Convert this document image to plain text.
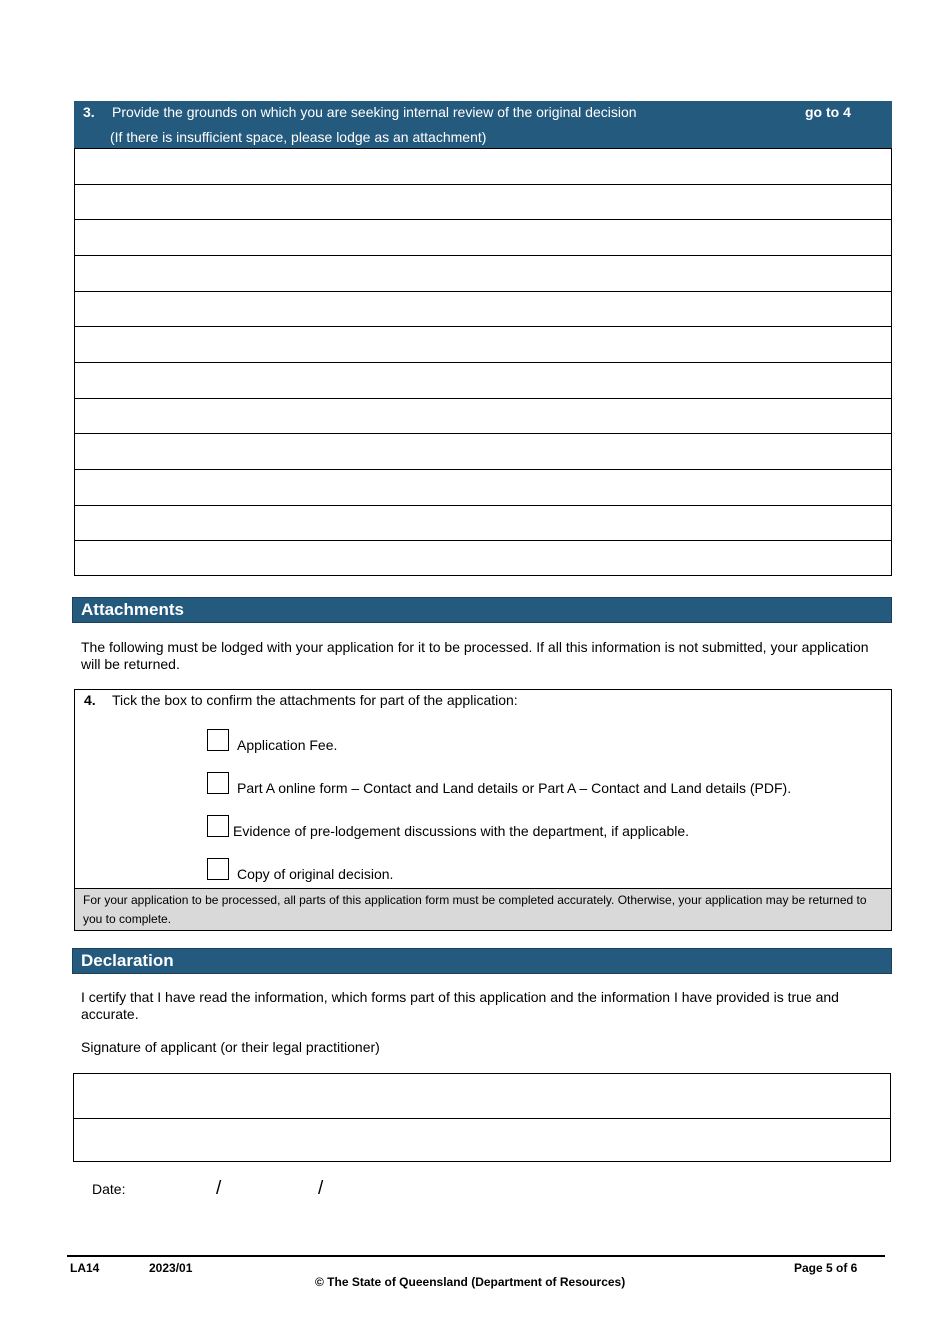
3. Provide the grounds on which you are seeking internal review of the original decision	go to 4
(If there is insufficient space, please lodge as an attachment)
Attachments
The following must be lodged with your application for it to be processed. If all this information is not submitted, your application will be returned.
4. Tick the box to confirm the attachments for part of the application:
Application Fee.
Part A online form – Contact and Land details or Part A – Contact and Land details (PDF).
Evidence of pre-lodgement discussions with the department, if applicable.
Copy of original decision.
For your application to be processed, all parts of this application form must be completed accurately. Otherwise, your application may be returned to you to complete.
Declaration
I certify that I have read the information, which forms part of this application and the information I have provided is true and accurate.
Signature of applicant (or their legal practitioner)
Date:	/	/
LA14	2023/01
© The State of Queensland (Department of Resources)
Page 5 of 6
